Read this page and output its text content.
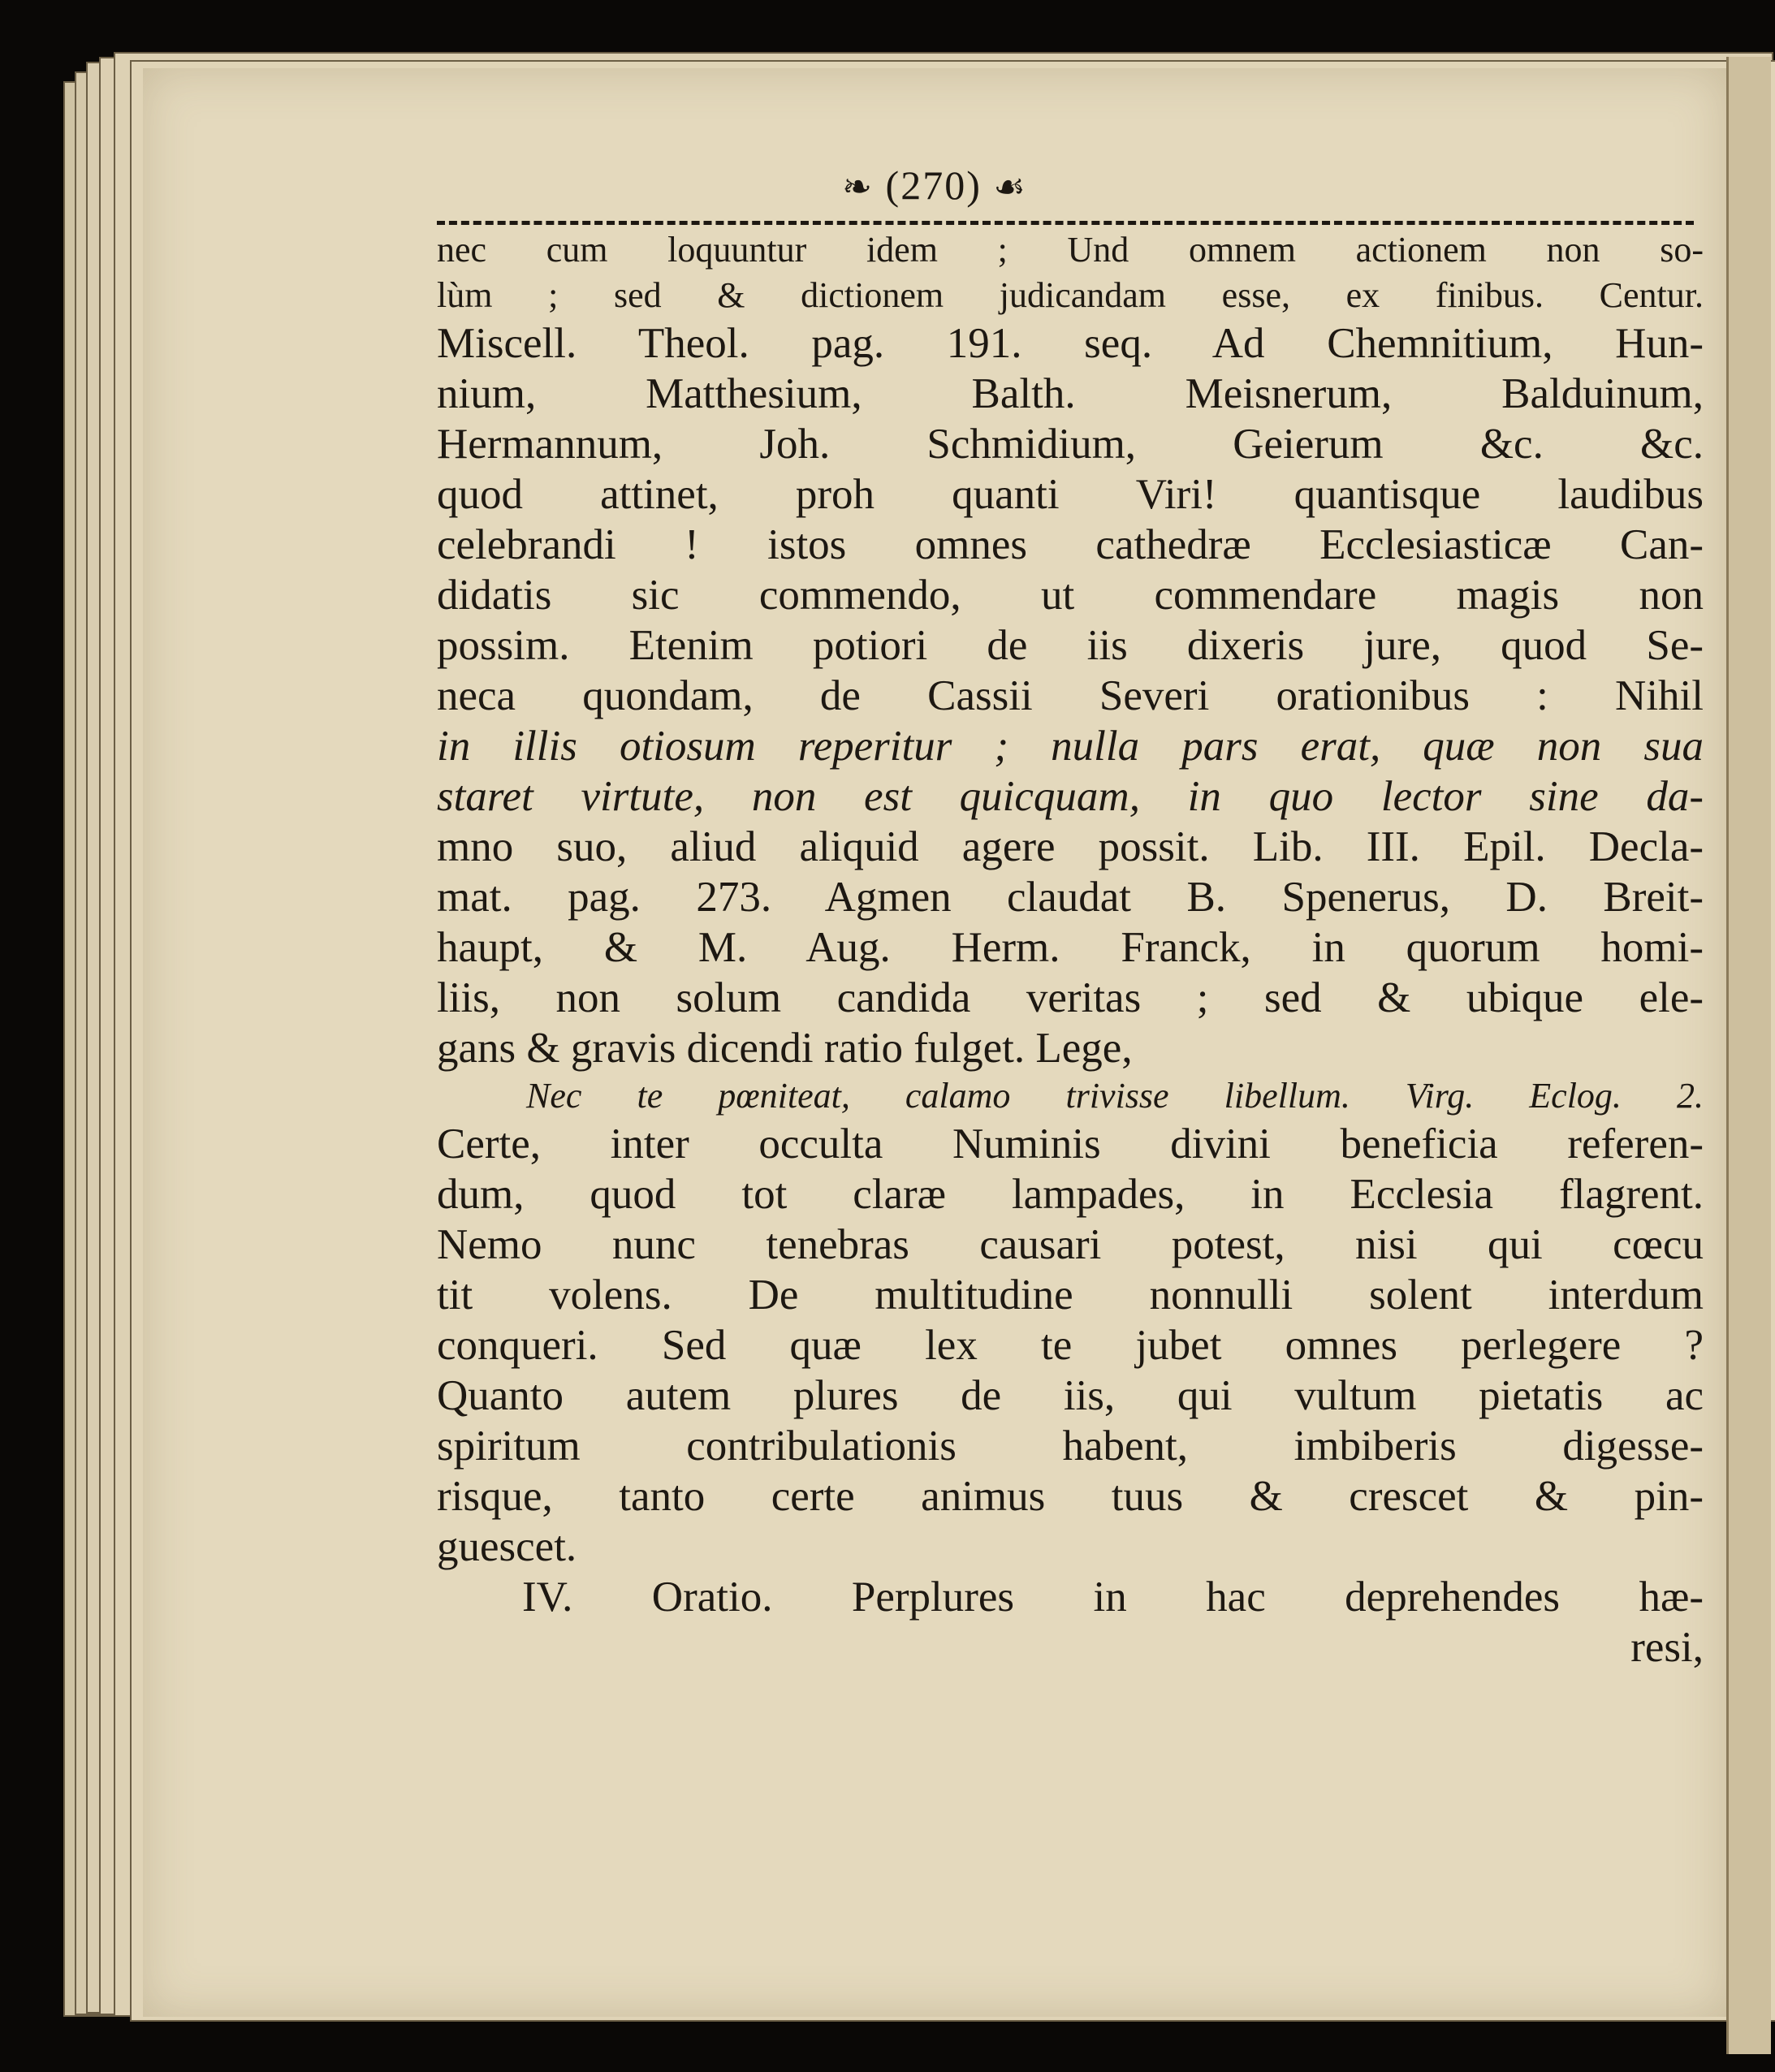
❧ (270) ☙
nec cum loquuntur idem ; Und omnem actionem non so-
lùm ; sed & dictionem judicandam esse, ex finibus. Centur.
Miscell. Theol. pag. 191. seq. Ad Chemnitium, Hun-
nium, Matthesium, Balth. Meisnerum, Balduinum,
Hermannum, Joh. Schmidium, Geierum &c. &c.
quod attinet, proh quanti Viri! quantisque laudibus
celebrandi ! istos omnes cathedræ Ecclesiasticæ Can-
didatis sic commendo, ut commendare magis non
possim. Etenim potiori de iis dixeris jure, quod Se-
neca quondam, de Cassii Severi orationibus : Nihil
in illis otiosum reperitur ; nulla pars erat, quæ non sua
staret virtute, non est quicquam, in quo lector sine da-
mno suo, aliud aliquid agere possit. Lib. III. Epil. Decla-
mat. pag. 273. Agmen claudat B. Spenerus, D. Breit-
haupt, & M. Aug. Herm. Franck, in quorum homi-
liis, non solum candida veritas ; sed & ubique ele-
gans & gravis dicendi ratio fulget. Lege,
Nec te pœniteat, calamo trivisse libellum. Virg. Eclog. 2.
Certe, inter occulta Numinis divini beneficia referen-
dum, quod tot claræ lampades, in Ecclesia flagrent.
Nemo nunc tenebras causari potest, nisi qui cœcu
tit volens. De multitudine nonnulli solent interdum
conqueri. Sed quæ lex te jubet omnes perlegere ?
Quanto autem plures de iis, qui vultum pietatis ac
spiritum contribulationis habent, imbiberis digesse-
risque, tanto certe animus tuus & crescet & pin-
guescet.
IV. Oratio. Perplures in hac deprehendes hæ-
resi,
